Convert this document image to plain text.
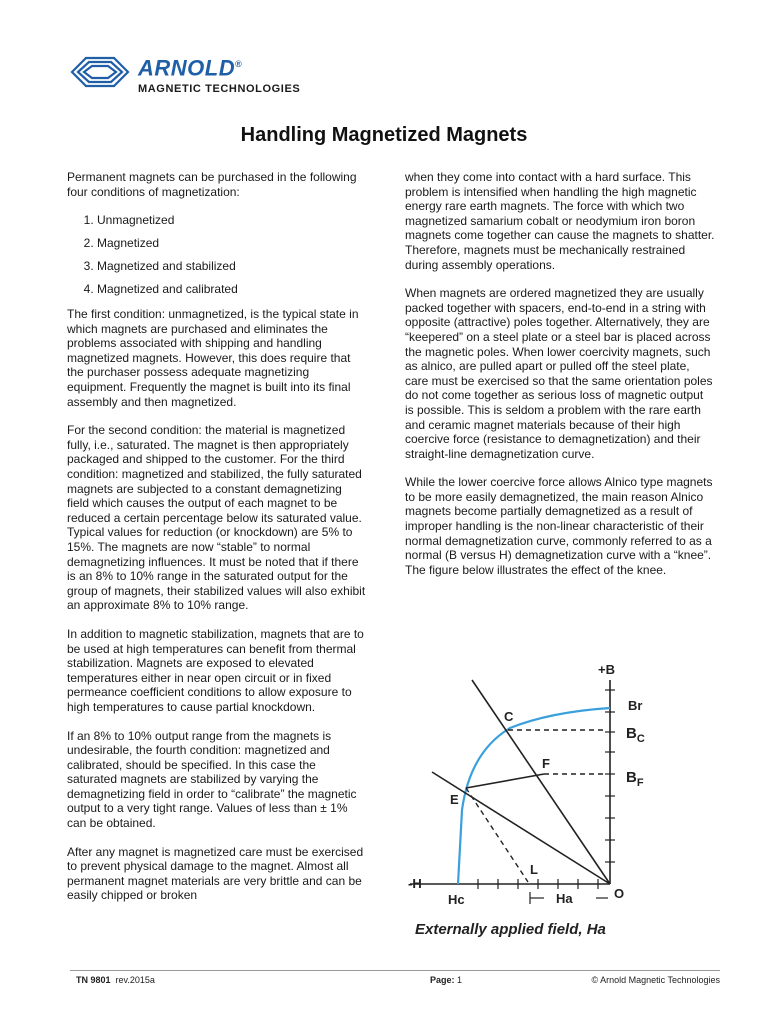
ARNOLD®
MAGNETIC TECHNOLOGIES
Handling Magnetized Magnets

Permanent magnets can be purchased in the following four conditions of magnetization:

1. Unmagnetized
2. Magnetized
3. Magnetized and stabilized
4. Magnetized and calibrated

The first condition: unmagnetized, is the typical state in which magnets are purchased and eliminates the problems associated with shipping and handling magnetized magnets. However, this does require that the purchaser possess adequate magnetizing equipment. Frequently the magnet is built into its final assembly and then magnetized.

For the second condition: the material is magnetized fully, i.e., saturated. The magnet is then appropriately packaged and shipped to the customer. For the third condition: magnetized and stabilized, the fully saturated magnets are subjected to a constant demagnetizing field which causes the output of each magnet to be reduced a certain percentage below its saturated value. Typical values for reduction (or knockdown) are 5% to 15%. The magnets are now “stable” to normal demagnetizing influences. It must be noted that if there is an 8% to 10% range in the saturated output for the group of magnets, their stabilized values will also exhibit an approximate 8% to 10% range.

In addition to magnetic stabilization, magnets that are to be used at high temperatures can benefit from thermal stabilization. Magnets are exposed to elevated temperatures either in near open circuit or in fixed permeance coefficient conditions to allow exposure to high temperatures to cause partial knockdown.

If an 8% to 10% output range from the magnets is undesirable, the fourth condition: magnetized and calibrated, should be specified. In this case the saturated magnets are stabilized by varying the demagnetizing field in order to “calibrate” the magnetic output to a very tight range. Values of less than ± 1% can be obtained.

After any magnet is magnetized care must be exercised to prevent physical damage to the magnet. Almost all permanent magnet materials are very brittle and can be easily chipped or broken

when they come into contact with a hard surface. This problem is intensified when handling the high magnetic energy rare earth magnets. The force with which two magnetized samarium cobalt or neodymium iron boron magnets come together can cause the magnets to shatter. Therefore, magnets must be mechanically restrained during assembly operations.

When magnets are ordered magnetized they are usually packed together with spacers, end-to-end in a string with opposite (attractive) poles together. Alternatively, they are “keepered” on a steel plate or a steel bar is placed across the magnetic poles. When lower coercivity magnets, such as alnico, are pulled apart or pulled off the steel plate, care must be exercised so that the same orientation poles do not come together as serious loss of magnetic output is possible. This is seldom a problem with the rare earth and ceramic magnet materials because of their high coercive force (resistance to demagnetization) and their straight-line demagnetization curve.

While the lower coercive force allows Alnico type magnets to be more easily demagnetized, the main reason Alnico magnets become partially demagnetized as a result of improper handling is the non-linear characteristic of their normal demagnetization curve, commonly referred to as a normal (B versus H) demagnetization curve with a “knee”. The figure below illustrates the effect of the knee.

+B
Br
$B_C$
$B_F$
C
F
E
L
-H
Hc	Ha	O
Externally applied field, Ha
TN 9801 rev.2015a	Page: 1	© Arnold Magnetic Technologies
